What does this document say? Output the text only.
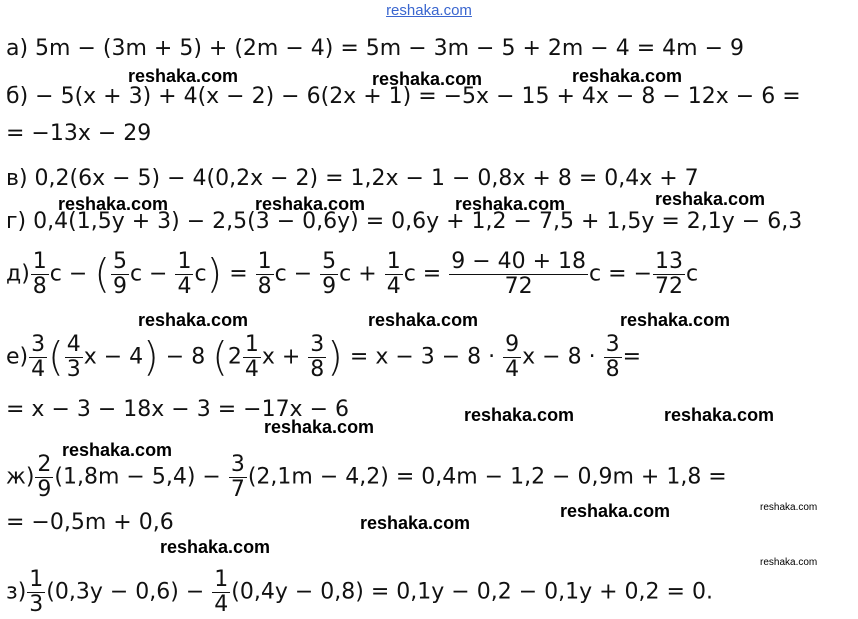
reshaka.com
а) 5m − (3m + 5) + (2m − 4) = 5m − 3m − 5 + 2m − 4 = 4m − 9
б) − 5(x + 3) + 4(x − 2) − 6(2x + 1) = −5x − 15 + 4x − 8 − 12x − 6 =
= −13x − 29
в) 0,2(6x − 5) − 4(0,2x − 2) = 1,2x − 1 − 0,8x + 8 = 0,4x + 7
г) 0,4(1,5y + 3) − 2,5(3 − 0,6y) = 0,6y + 1,2 − 7,5 + 1,5y = 2,1y − 6,3
$д) \frac{1}{8}$ c − ( $\frac{5}{9}$ $c - \frac{1}{4} c) = \frac{1}{8}$ $c - \frac{5}{9}$ $c + \frac{1}{4}$ $c = \frac{9 - 40 + 18}{72}$ c = − $\frac{13}{72}$ c
$е) \frac{3}{4}$ ( $\frac{4}{3}$ x − 4) − 8 ($2 \frac{1}{4}$ $x + \frac{3}{8}$ ) = $x - 3 - 8 \cdot \frac{9}{4}$ $x - 8 \cdot \frac{3}{8}$ =
= x − 3 − 18x − 3 = −17x − 6
$ж) \frac{2}{9} (1,8m - 5,4) - \frac{3}{7} (2,1m - 4,2) = 0,4m - 1,2 - 0,9m + 1,8$ =
= −0,5m + 0,6
$з) \frac{1}{3} (0,3y - 0,6) - \frac{1}{4} (0,4y - 0,8) = 0,1y - 0,2 - 0,1y + 0,2 = 0$.
reshaka.com	reshaka.com	reshaka.com
reshaka.com	reshaka.com	reshaka.com	reshaka.com
reshaka.com	reshaka.com	reshaka.com
reshaka.com	reshaka.com
reshaka.com
reshaka.com
reshaka.com
reshaka.com
reshaka.com
reshaka.com
reshaka.com
